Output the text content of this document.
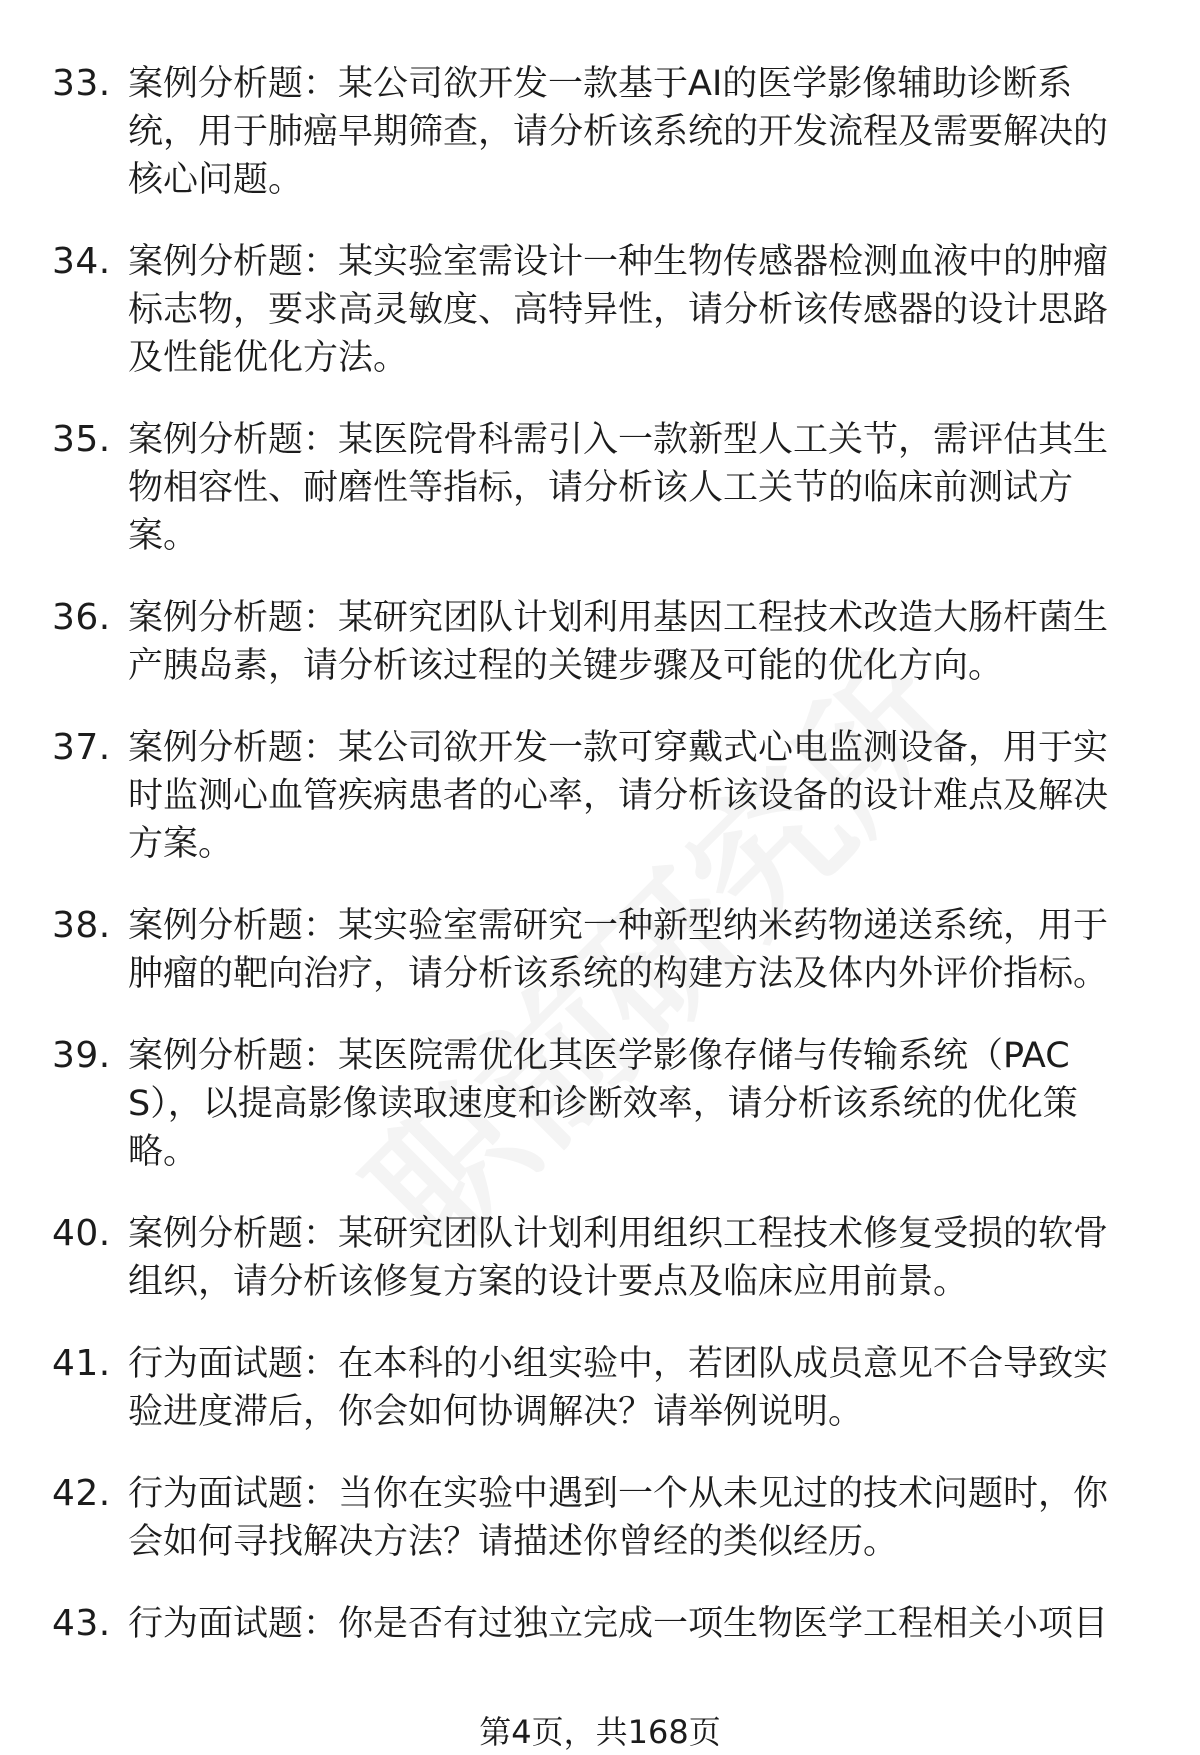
33. 案例分析题：某公司欲开发一款基于AI的医学影像辅助诊断系统，用于肺癌早期筛查，请分析该系统的开发流程及需要解决的核心问题。
34. 案例分析题：某实验室需设计一种生物传感器检测血液中的肿瘤标志物，要求高灵敏度、高特异性，请分析该传感器的设计思路及性能优化方法。
35. 案例分析题：某医院骨科需引入一款新型人工关节，需评估其生物相容性、耐磨性等指标，请分析该人工关节的临床前测试方案。
36. 案例分析题：某研究团队计划利用基因工程技术改造大肠杆菌生产胰岛素，请分析该过程的关键步骤及可能的优化方向。
37. 案例分析题：某公司欲开发一款可穿戴式心电监测设备，用于实时监测心血管疾病患者的心率，请分析该设备的设计难点及解决方案。
38. 案例分析题：某实验室需研究一种新型纳米药物递送系统，用于肿瘤的靶向治疗，请分析该系统的构建方法及体内外评价指标。
39. 案例分析题：某医院需优化其医学影像存储与传输系统（PACS），以提高影像读取速度和诊断效率，请分析该系统的优化策略。
40. 案例分析题：某研究团队计划利用组织工程技术修复受损的软骨组织，请分析该修复方案的设计要点及临床应用前景。
41. 行为面试题：在本科的小组实验中，若团队成员意见不合导致实验进度滞后，你会如何协调解决？请举例说明。
42. 行为面试题：当你在实验中遇到一个从未见过的技术问题时，你会如何寻找解决方法？请描述你曾经的类似经历。
43. 行为面试题：你是否有过独立完成一项生物医学工程相关小项目
第4页，共168页
